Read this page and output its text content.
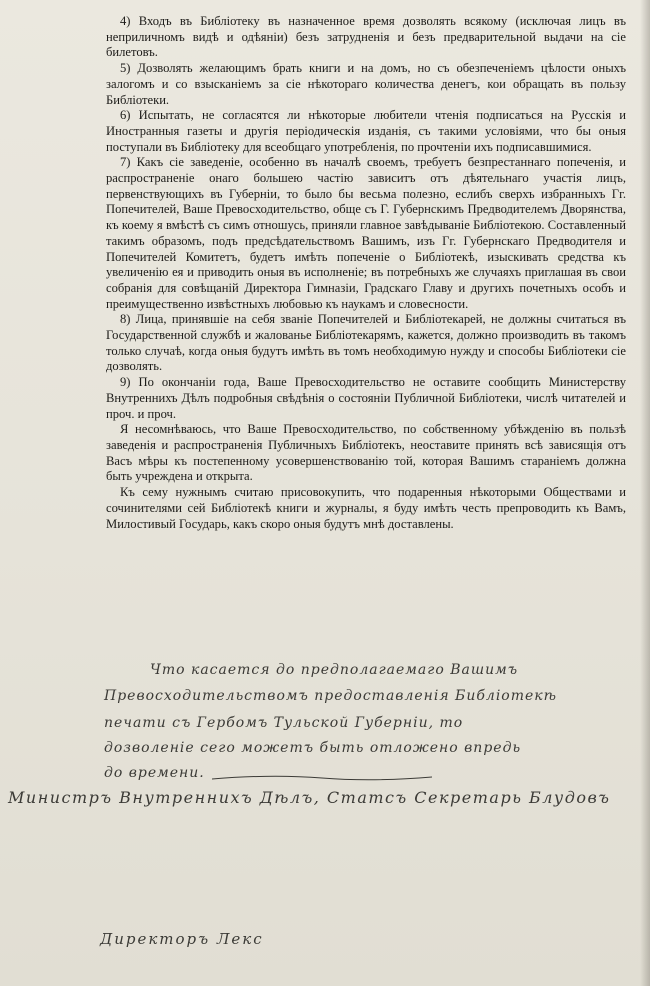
4) Входъ въ Библіотеку въ назначенное время дозволять всякому (исключая лицъ въ неприличномъ видѣ и одѣяніи) безъ затрудненія и безъ предварительной выдачи на сіе билетовъ.

5) Дозволять желающимъ брать книги и на домъ, но съ обезпеченіемъ цѣлости оныхъ залогомъ и со взысканіемъ за сіе нѣкотораго количества денегъ, кои обращать въ пользу Библіотеки.

6) Испытать, не согласятся ли нѣкоторые любители чтенія подписаться на Русскія и Иностранныя газеты и другія періодическія изданія, съ такими условіями, что бы оныя поступали въ Библіотеку для всеобщаго употребленія, по прочтеніи ихъ подписавшимися.

7) Какъ сіе заведеніе, особенно въ началѣ своемъ, требуетъ безпрестаннаго попеченія, и распространеніе онаго большею частію зависитъ отъ дѣятельнаго участія лицъ, первенствующихъ въ Губерніи, то было бы весьма полезно, еслибъ сверхъ избранныхъ Гг. Попечителей, Ваше Превосходительство, обще съ Г. Губернскимъ Предводителемъ Дворянства, къ коему я вмѣстѣ съ симъ отношусь, приняли главное завѣдываніе Библіотекою. Составленный такимъ образомъ, подъ предсѣдательствомъ Вашимъ, изъ Гг. Губернскаго Предводителя и Попечителей Комитетъ, будетъ имѣть попеченіе о Библіотекѣ, изыскивать средства къ увеличенію ея и приводить оныя въ исполненіе; въ потребныхъ же случаяхъ приглашая въ свои собранія для совѣщаній Директора Гимназіи, Градскаго Главу и другихъ почетныхъ особъ и преимущественно извѣстныхъ любовью къ наукамъ и словесности.

8) Лица, принявшіе на себя званіе Попечителей и Библіотекарей, не должны считаться въ Государственной службѣ и жалованье Библіотекарямъ, кажется, должно производить въ такомъ только случаѣ, когда оныя будутъ имѣть въ томъ необходимую нужду и способы Библіотеки сіе дозволять.

9) По окончаніи года, Ваше Превосходительство не оставите сообщить Министерству Внутреннихъ Дѣлъ подробныя свѣдѣнія о состояніи Публичной Библіотеки, числѣ читателей и проч. и проч.

Я несомнѣваюсь, что Ваше Превосходительство, по собственному убѣжденію въ пользѣ заведенія и распространенія Публичныхъ Библіотекъ, неоставите принять всѣ зависящія отъ Васъ мѣры къ постепенному усовершенствованію той, которая Вашимъ стараніемъ должна быть учреждена и открыта.

Къ сему нужнымъ считаю присовокупить, что подаренныя нѣкоторыми Обществами и сочинителями сей Библіотекѣ книги и журналы, я буду имѣть честь препроводить къ Вамъ, Милостивый Государь, какъ скоро оныя будутъ мнѣ доставлены.

Что касается до предполагаемаго Вашимъ
Превосходительствомъ предоставленія Библіотекѣ
печати съ Гербомъ Тульской Губерніи, то
дозволеніе сего можетъ быть отложено впредь
до времени.
Министръ Внутреннихъ Дѣлъ, Статсъ Секретарь Блудовъ
Директоръ Лекс
